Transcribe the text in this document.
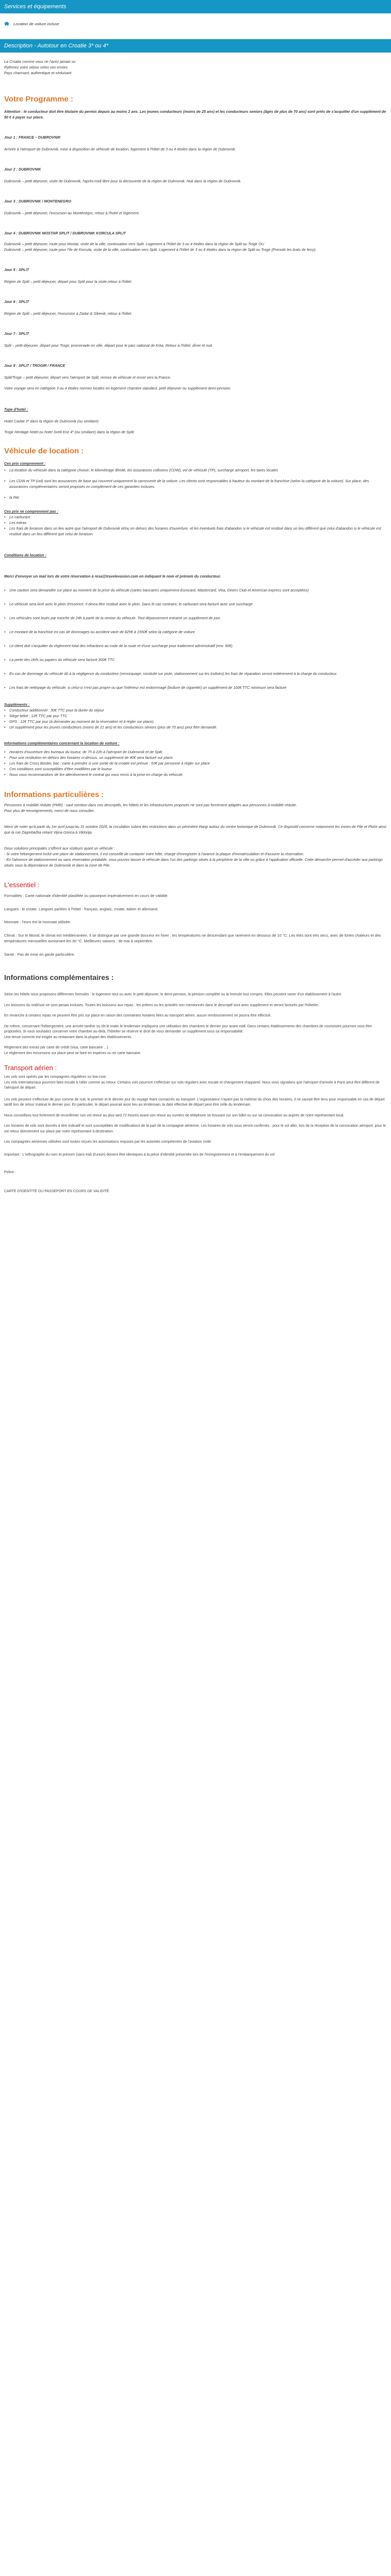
Services et équipements
Location de voiture incluse
Description - Autotour en Croatie 3* ou 4*

La Croatie comme vous ne l'avez jamais vu

Rythmez votre séjour selon vos envies

Pays charmant, authentique et séduisant

Votre Programme :

Attention : le conducteur doit être titulaire du permis depuis au moins 2 ans. Les jeunes conducteurs (moins de 25 ans) et les conducteurs seniors (âgés de plus de 70 ans) sont priés de s'acquitter d'un supplément de 50 € à payer sur place.

Jour 1 : FRANCE – DUBROVNIK

Arrivée à l'aéroport de Dubrovnik, mise à disposition de véhicule de location, logement à l'hôtel de 3 ou 4 étoiles dans la région de Dubrovnik.

Jour 2 : DUBROVNIK

Dubrovnik – petit déjeuner, visite de Dubrovnik, l'après-midi libre pour la découverte de la région de Dubrovnik. Nuit dans la région de Dubrovnik.

Jour 3 : DUBROVNIK / MONTENEGRO

Dubrovnik – petit déjeuner, l'excursion au Monténégro, retour à l'hotel et logement.

Jour 4 : DUBROVNIK MOSTAR SPLIT / DUBROVNIK KORCULA SPLIT

Dubrovnik – petit déjeuner, route pour Mostar, visite de la ville, continuation vers Split. Logement à l'hôtel de 3 ou 4 étoiles dans la région de Split ou Trogir OU

Dubrovnik – petit déjeuner, route pour l'île de Korcula, visite de la ville, continuation vers Split. Logement à l'hôtel de 3 ou 4 étoiles dans la région de Split ou Trogir (Prenotir les tirats de ferry).

Jour 5 : SPLIT

Région de Split – petit déjeuner, départ pour Split pour la visite,retour à l'hôtel.

Jour 6 : SPLIT

Région de Split – petit déjeuner, l'excursion à Zadar & Sibenik, retour à l'hôtel.

Jour 7 : SPLIT

Split – petit déjeuner, départ pour Trogir, promenade en ville, départ pour le parc national de Krka. Retour à l'hôtel, dîner et nuit.

Jour 8 : SPLIT / TROGIR / FRANCE

Split/Trogir – petit déjeuner, départ vers l'aéroport de Split, remise de véhicule et envol vers la France.

Votre voyage sera en catégorie 3 ou 4 étoiles normes locales en logement chambre standard, petit déjeuner ou supplément demi-pension.

Type d'hotel :

Hotel Cavtat 3* dans la région de Dubrovnik (ou similaire)

Trogir Heritage Hotel ou hotel Sveti Kriz 4* (ou similaire) dans la région de Split.

Véhicule de location :

Ces prix comprennent :

•	La location du véhicule dans la catégorie choisie, le kilométrage illimité, les assurances collisions (CDW), vol de véhicule (TP), surcharge aéroport, les taxes locales

•	Les CDW et TP (vol) sont les assurances de base qui couvrent uniquement la carrosserie de la voiture. Les clients sont responsables à hauteur du montant de la franchise (selon la catégorie de la voiture). Sur place, des assurances complémentaires seront proposés en complément de ces garanties incluses.

•	la PAI

Ces prix ne comprennent pas :

•	Le carburant

•	Les extras

•	Les frais de livraison dans un lieu autre que l'aéroport de Dubrovnik et/ou en dehors des horaires d'ouverture, et les éventuels frais d'abandon si le véhicule est restitué dans un lieu différent que celui d'abandon si le véhicule est restitué dans un lieu différent que celui de livraison.

Conditions de location :

Merci d'envoyer un mail lors de votre réservation à resa@travelevasion.com en indiquant le nom et prénom du conducteur.

•	Une caution sera demandée sur place au moment de la prise du véhicule (cartes bancaires uniquement Eurocard, Mastercard, Visa, Diners Club et American express sont acceptées)

•	Le véhicule sera livré avec le plein d'essence. Il devra être restitué avec le plein. Dans le cas contraire, le carburant sera facturé avec une surcharge

•	Les véhicules sont loués par tranche de 24h à partir de la remise du véhicule. Tout dépassement entraine un supplément de jour.

•	Le montant de la franchise en cas de dommages ou accident varie de 825€ à 1550€ selon la catégorie de voiture

•	Le client doit s'acquitter du règlement total des infractions au code de la route et d'une surcharge pour traitement administratif (env. 50€).

•	La perte des clefs ou papiers du véhicule sera facturé 300€ TTC

•	En cas de dommage du véhicule dû à la négligence du conducteur (remorquage, conduite sur piste, stationnement sur les trottoirs) les frais de réparation seront entièrement à la charge du conducteur.

•	Les frais de nettoyage du véhicule, si celui-ci n'est pas propre ou que l'intérieur est endommagé (brûlure de cigarette) un supplément de 100€ TTC minimum sera facturé

Suppléments :

•	Conducteur additionnel : 30€ TTC pour la durée du séjour

•	Siège bébé : 12€ TTC par jour TTC

•	GPS : 12€ TTC par jour (à demander au moment de la réservation et à régler sur place).

•	Un supplément pour les jeunes conducteurs (moins de 21 ans) et les conducteurs séniors (plus de 70 ans) peut être demandé.

Informations complémentaires concernant la location de voiture :

•	Horaires d'ouverture des bureaux du loueur, de 7h à 22h à l'aéroport de Dubrovnik et de Split.

•	Pour une restitution en dehors des horaires ci-dessus, un supplément de 40€ sera facturé sur place.

•	Les frais de Cross Border, bac : carte à prendre si une sortie de la croatie est prévue : 53€ par personne à régler sur place

•	Ces conditions sont susceptibles d'être modifiées par le loueur.

•	Nous vous recommandons de lire attentivement le contrat qui vous remis à la prise en charge du véhicule.

Informations particulières :

Personnes à mobilité réduite (PMR) : sauf mention dans nos descriptifs, les hôtels et les infrastructures proposés ne sont pas forcément adaptés aux personnes à mobilité réduite.

Pour plus de renseignements, merci de nous consulter.

Merci de noter qu'à partir du 1er avril jusqu'au 31 octobre 2026, la circulation subira des restrictions dans un périmètre élargi autour du centre historique de Dubrovnik. Ce dispositif concerne notamment les zones de Pile et Ploče ainsi que la rue Zagrebačka reliant Vijina Gorica à Viktorija.

Deux solutions principales s'offrent aux visiteurs ayant un véhicule :

- Si votre hébergement inclut une place de stationnement, il est conseillé de contacter votre hôte, charge d'enregistrer à l'avance la plaque d'immatriculation et d'assurer la réservation.

- En l'absence de stationnement ou sans réservation préalable, vous pouvez laisser le véhicule dans l'un des parkings situés à la périphérie de la ville ou grâce à l'application officielle. Cette démarche permet d'accéder aux parkings situés sous la dépendance de Dubrovnik et dans la zone de Pile.

L'essentiel :

Formalités : Carte nationale d'identité plastifiée ou passeport impérativement en cours de validité.

Langues : le croate. Langues parlées à l'hôtel : français, anglais, croate, italien et allemand.

Monnaie : l'euro est la monnaie utilisée.

Climat : Sur le littoral, le climat est méditerranéen. Il se distingue par une grande douceur en hiver ; les températures ne descendant que rarement en dessous de 10 °C. Les étés sont très secs, avec de fortes chaleurs et des températures mensuelles avoisinant les 30 °C. Meilleures saisons : de mai à septembre.

Santé : Pas de mise en garde particulière.

Informations complémentaires :

Selon les hôtels nous proposons différentes formules : le logement seul ou avec le petit déjeuner, le demi-pension, la pension complète ou la formule tout compris. Elles peuvent varier d'un établissement à l'autre.

Les boissons du midi/soir ne sont jamais incluses. Toutes les boissons aux repas , les prières ou les activités non mentionnés dans le descriptif sont avec supplément et seront facturés par l'hôtelier.

En revanche à certains repas ne peuvent être pris sur place en raison des contraintes horaires liées au transport aérien, aucun remboursement ne pourra être effectué.

De même, concernant l'hébergement, une arrivée tardive ou tôt le matin le lendemain impliquera une utilisation des chambres le dernier jour avant midi. Dans certains établissements des chambres de courtoisies pourront vous être proposées. Si vous souhaitez conserver votre chambre au-delà, l'hôtelier se réserve le droit de vous demander un supplément sous sa responsabilité.

Une tenue correcte est exigée au restaurant dans la plupart des établissements.

Règlement des extras par carte de crédit (visa, carte bancaire ...)

Le règlement des excursions sur place peut se faire en espèces ou en carte bancaire.

Transport aérien :

Les vols sont opérés par les compagnies régulières ou low-cost.

Les vols internationaux pourront faire escale à l'aller comme au retour. Certains vols pourront s'effectuer sur vols réguliers avec escale et changement d'appareil. Nous vous signalons que l'aéroport d'arrivée à Paris peut être différent de l'aéroport de départ.

Les vols peuvent s'effectuer de jour comme de nuit, le premier et le dernier jour du voyage étant consacrés au transport. L'organisateur n'ayant pas la maîtrise du choix des horaires, il ne saurait être tenu pour responsable en cas de départ tardif lors de retour matinal le dernier jour. En particulier, le départ pourrait avoir lieu au lendemain, la date effective de départ peut être celle du lendemain.

Nous conseillons tout fortement de reconfirmer son vol retour au plus tard 72 heures avant son retour au numéro de téléphone se trouvant sur son billet ou sur sa convocation ou auprès de notre représentant local.

Les horaires de vols sont donnés à titre indicatif et sont susceptibles de modifications de la part de la compagnie aérienne. Les horaires de vols vous seront confirmés : pour le vol aller, lors de la réception de la convocation aéroport, pour le vol retour directement sur place par notre représentant à destination.

Les compagnies aériennes utilisées sont toutes reçues les autorisations requises par les autorités compétentes de l'aviation civile.

Important : L'orthographe du nom et prénom (sans trait d'union) doivent être identiques à la pièce d'identité présentée lors de l'enregistrement et à l'embarquement du vol

Police :

CARTE D'IDENTITÉ OU PASSEPORT EN COURS DE VALIDITÉ
